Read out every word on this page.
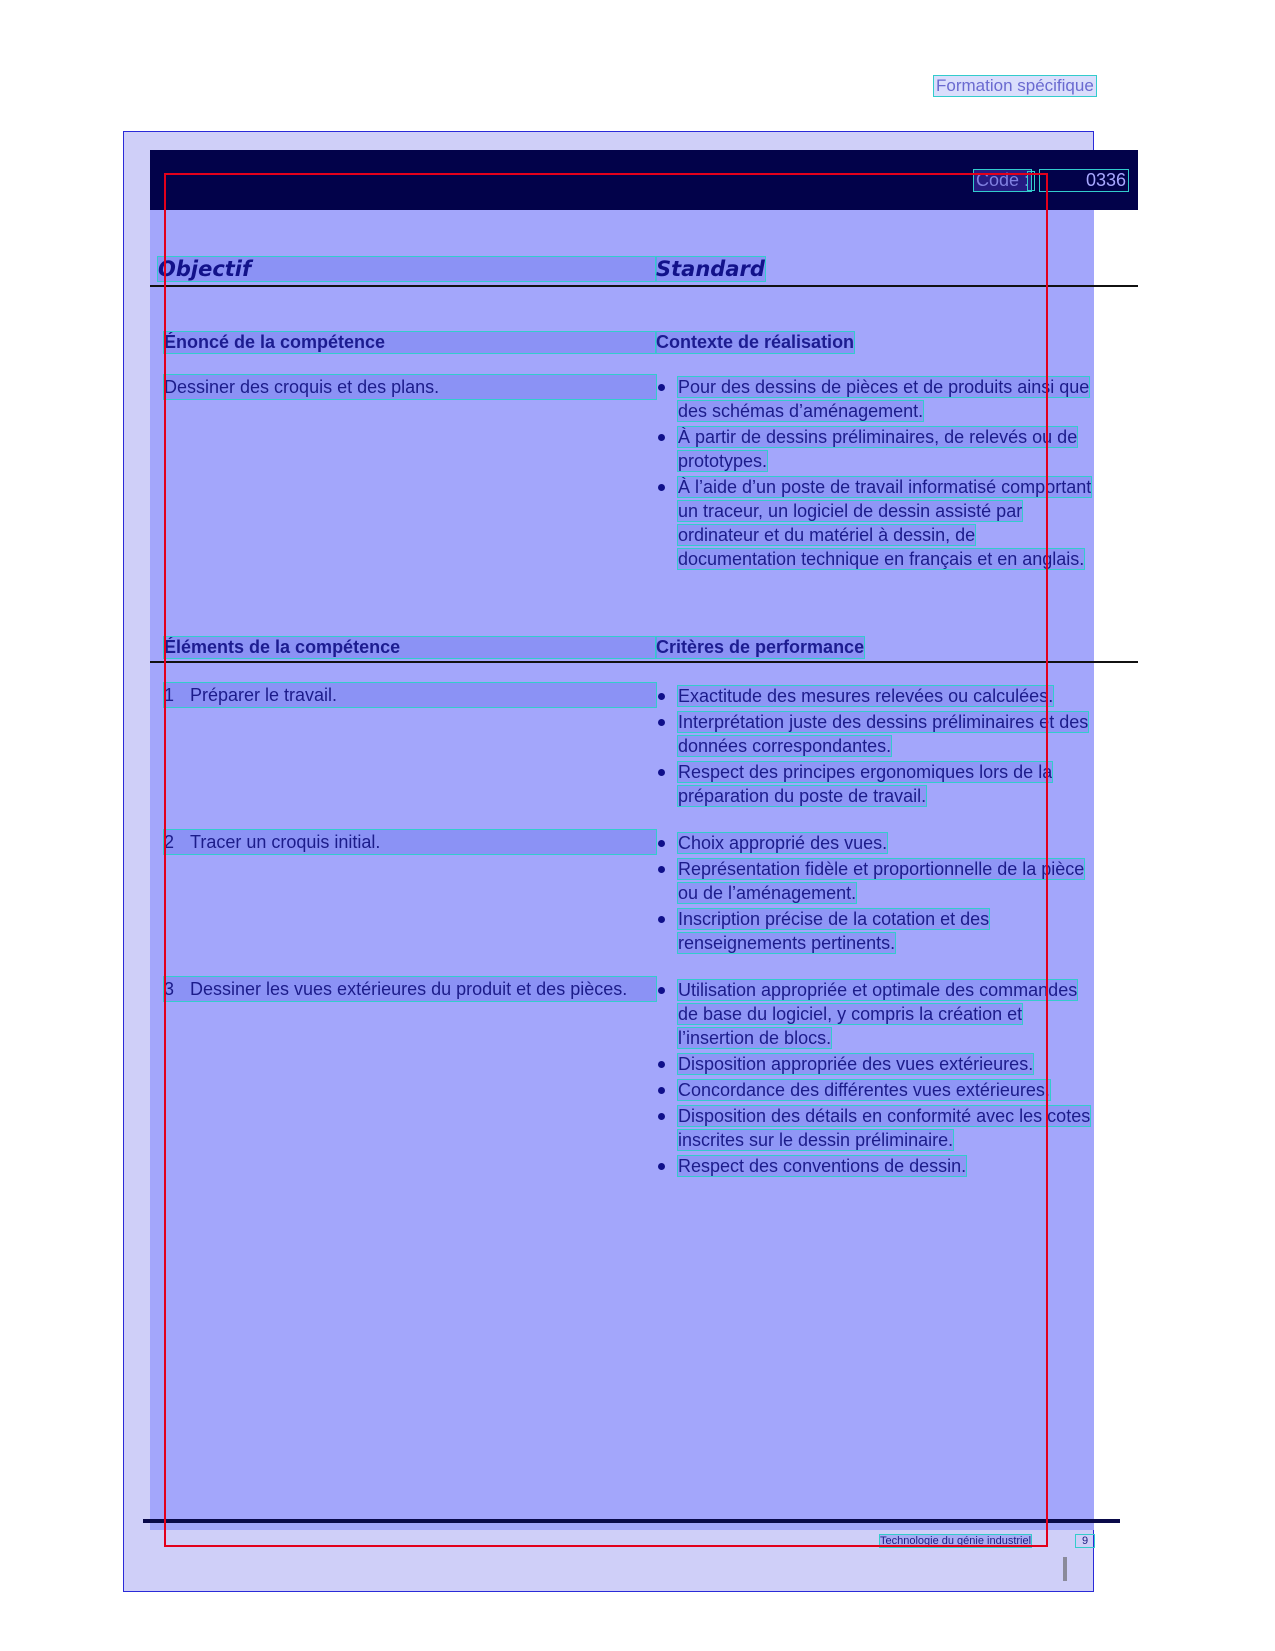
Formation spécifique
Code :	0336
Objectif	Standard
Énoncé de la compétence	Contexte de réalisation
Dessiner des croquis et des plans.	Pour des dessins de pièces et de produits ainsi que des schémas d’aménagement.
À partir de dessins préliminaires, de relevés ou de prototypes.
À l’aide d’un poste de travail informatisé comportant un traceur, un logiciel de dessin assisté par ordinateur et du matériel à dessin, de documentation technique en français et en anglais.
Éléments de la compétence	Critères de performance
1 Préparer le travail.	Exactitude des mesures relevées ou calculées.
Interprétation juste des dessins préliminaires et des données correspondantes.
Respect des principes ergonomiques lors de la préparation du poste de travail.
2 Tracer un croquis initial.	Choix approprié des vues.
Représentation fidèle et proportionnelle de la pièce ou de l’aménagement.
Inscription précise de la cotation et des renseignements pertinents.
3 Dessiner les vues extérieures du produit et des pièces.	Utilisation appropriée et optimale des commandes de base du logiciel, y compris la création et l’insertion de blocs.
Disposition appropriée des vues extérieures.
Concordance des différentes vues extérieures.
Disposition des détails en conformité avec les cotes inscrites sur le dessin préliminaire.
Respect des conventions de dessin.
Technologie du génie industriel	9
